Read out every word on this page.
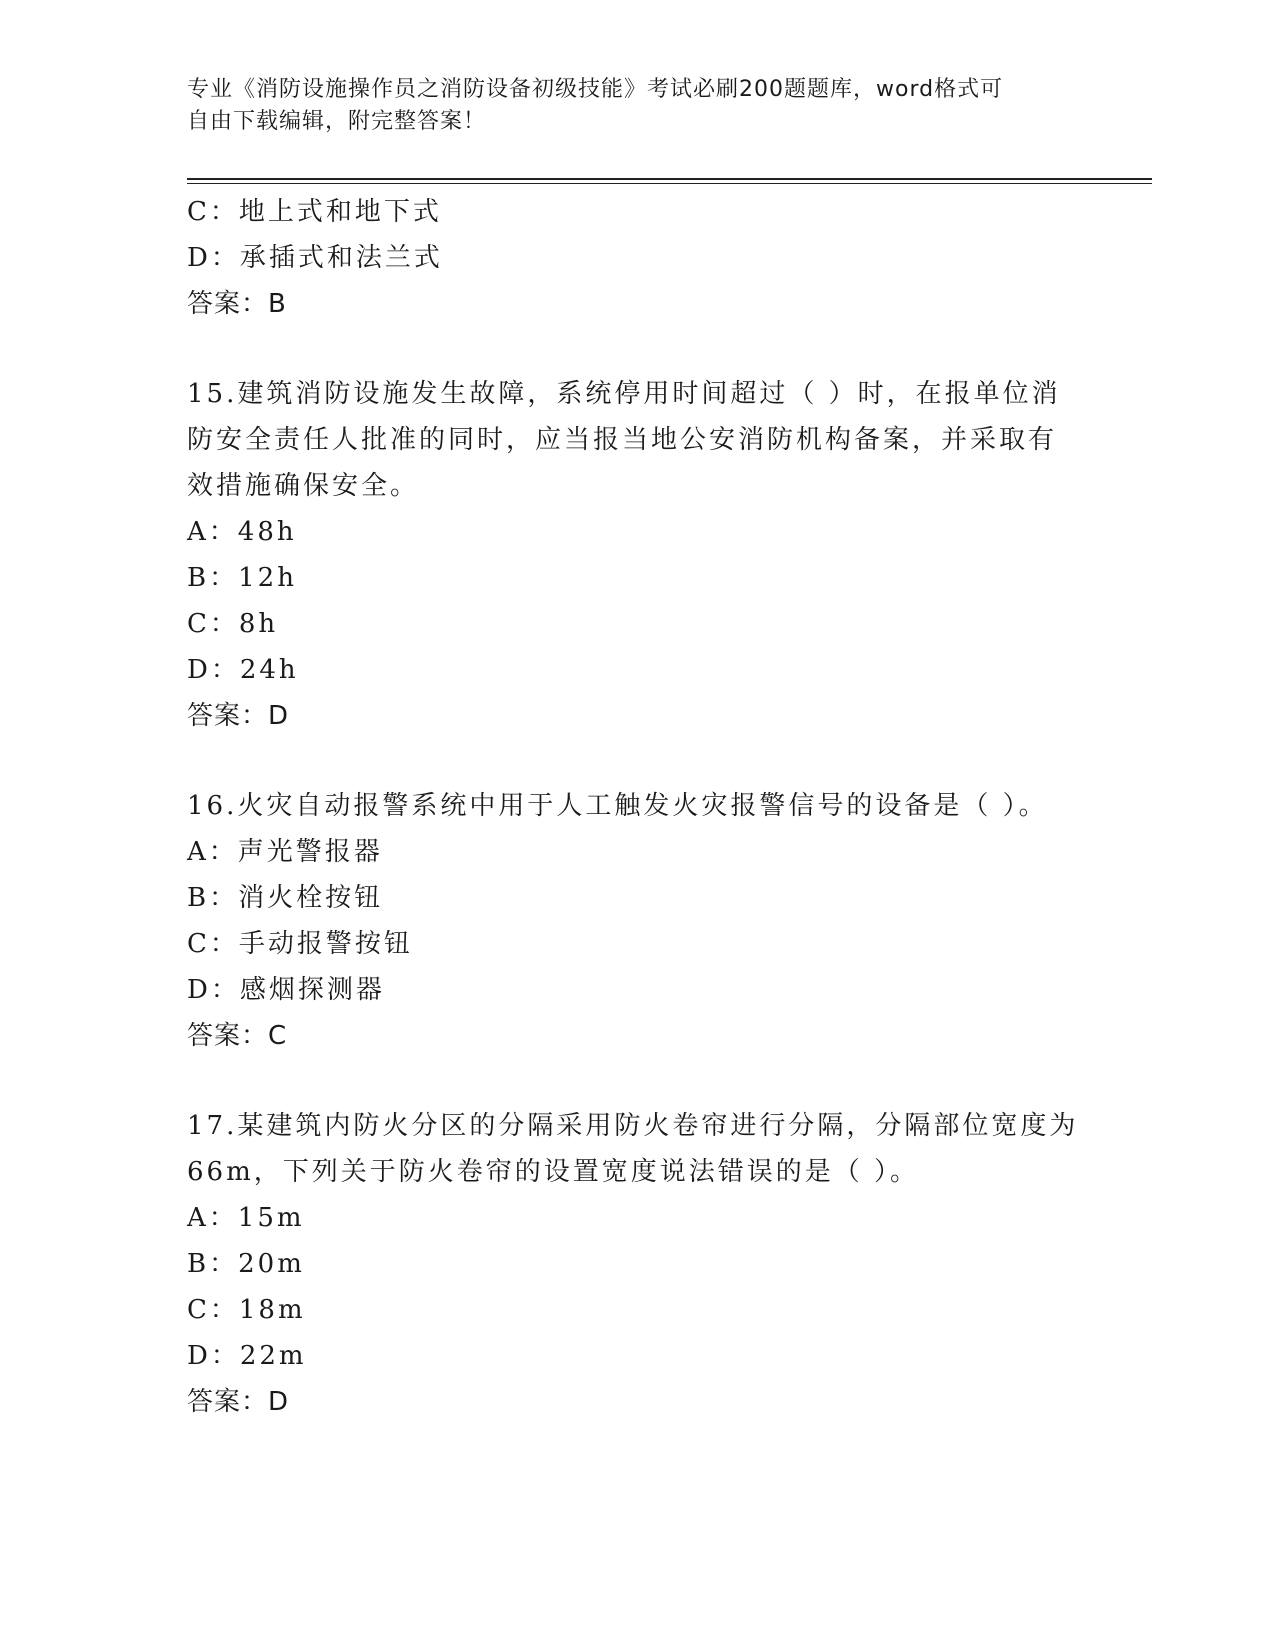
专业《消防设施操作员之消防设备初级技能》考试必刷200题题库，word格式可
自由下载编辑，附完整答案！
C：地上式和地下式
D：承插式和法兰式
答案：B
15.建筑消防设施发生故障，系统停用时间超过（ ）时，在报单位消
防安全责任人批准的同时，应当报当地公安消防机构备案，并采取有
效措施确保安全。
A：48h
B：12h
C：8h
D：24h
答案：D
16.火灾自动报警系统中用于人工触发火灾报警信号的设备是（ ）。
A：声光警报器
B：消火栓按钮
C：手动报警按钮
D：感烟探测器
答案：C
17.某建筑内防火分区的分隔采用防火卷帘进行分隔，分隔部位宽度为
66m，下列关于防火卷帘的设置宽度说法错误的是（ ）。
A：15m
B：20m
C：18m
D：22m
答案：D
